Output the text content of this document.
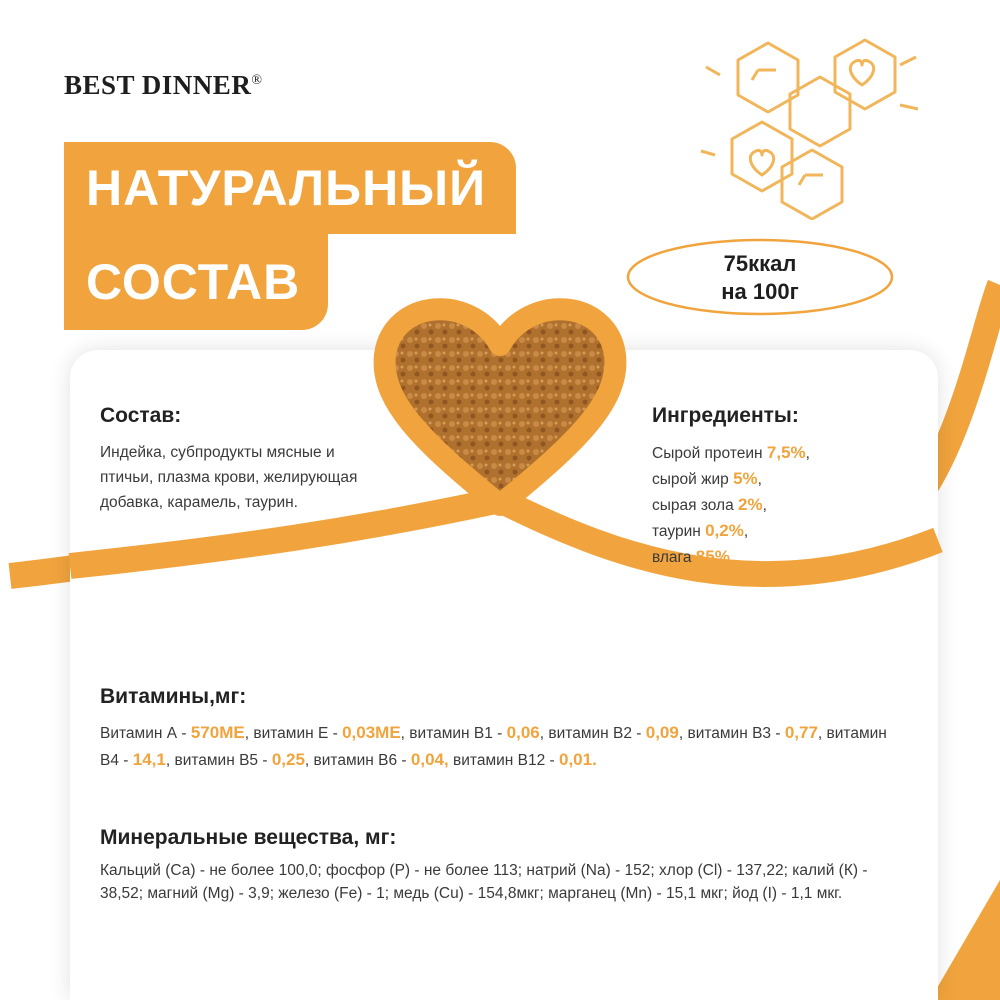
BEST DINNER®
НАТУРАЛЬНЫЙ
СОСТАВ	75ккал
на 100г
Состав:
Индейка, субпродукты мясные и птичьи, плазма крови, желирующая добавка, карамель, таурин.
Ингредиенты:
Сырой протеин 7,5%,
сырой жир 5%,
сырая зола 2%,
таурин 0,2%,
влага 85%
Витамины,мг:
Витамин А - 570МЕ, витамин Е - 0,03МЕ, витамин В1 - 0,06, витамин В2 - 0,09, витамин В3 - 0,77, витамин В4 - 14,1, витамин В5 - 0,25, витамин В6 - 0,04, витамин В12 - 0,01.
Минеральные вещества, мг:
Кальций (Са) - не более 100,0; фосфор (Р) - не более 113; натрий (Na) - 152; хлор (Cl) - 137,22; калий (К) - 38,52; магний (Mg) - 3,9; железо (Fe) - 1; медь (Cu) - 154,8мкг; марганец (Mn) - 15,1 мкг; йод (I) - 1,1 мкг.
